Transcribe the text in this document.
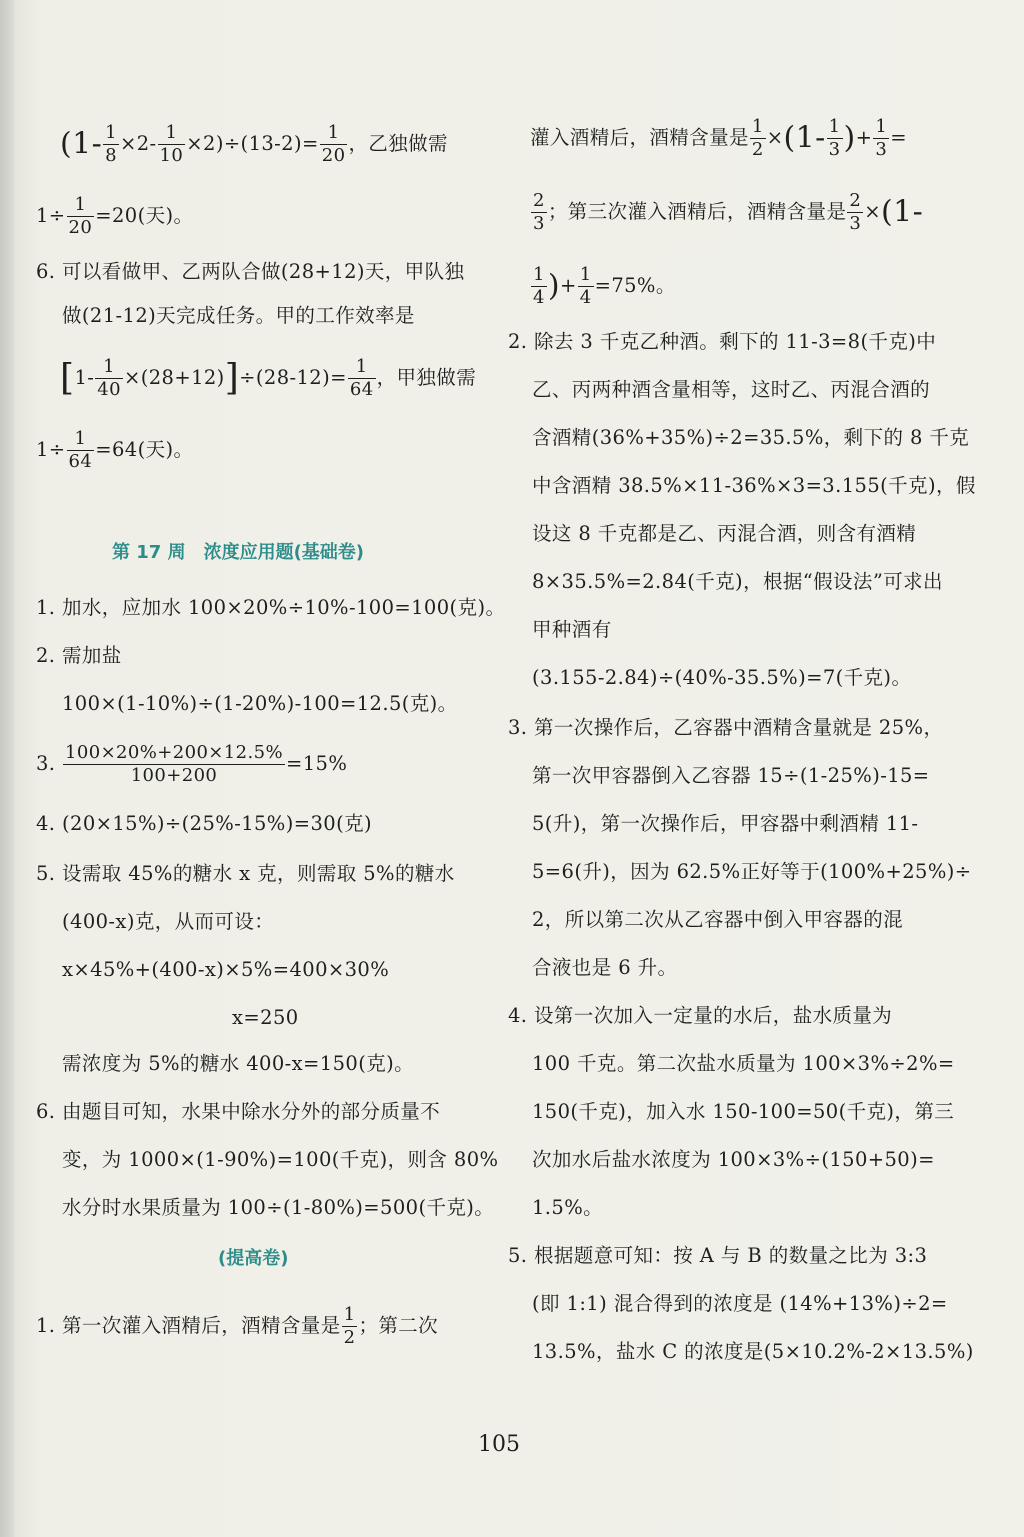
$(1- \frac{1}{8} \times 2- \frac{1}{10} \times 2)\div(13-2)= \frac{1}{20}$ ，乙独做需
$1\div \frac{1}{20} =20$(天)。
6. 可以看做甲、乙两队合做(28+12)天，甲队独
做(21-12)天完成任务。甲的工作效率是
$[1- \frac{1}{40} \times(28+12)]\div(28-12)= \frac{1}{64}$ ，甲独做需
$1\div \frac{1}{64} =64$(天)。
第 17 周　浓度应用题(基础卷)
1. 加水，应加水 100×20%÷10%-100=100(克)。
2. 需加盐
100×(1-10%)÷(1-20%)-100=12.5(克)。
3. $\frac{100\times 20\%+200\times 12.5\%}{100+200} =15\%$
4. (20×15%)÷(25%-15%)=30(克)
5. 设需取 45%的糖水 x 克，则需取 5%的糖水
(400-x)克，从而可设：
x×45%+(400-x)×5%=400×30%
x=250
需浓度为 5%的糖水 400-x=150(克)。
6. 由题目可知，水果中除水分外的部分质量不
变，为 1000×(1-90%)=100(千克)，则含 80%
水分时水果质量为 100÷(1-80%)=500(千克)。
(提高卷)
1. 第一次灌入酒精后，酒精含量是 $\frac{1}{2}$ ；第二次
灌入酒精后，酒精含量是 $\frac{1}{2} \times(1- \frac{1}{3}$ )+ $\frac{1}{3}$ =
$\frac{2}{3}$ ；第三次灌入酒精后，酒精含量是 $\frac{2}{3} \times(1-$
$\frac{1}{4}$ )+ $\frac{1}{4} =75\%$。
2. 除去 3 千克乙种酒。剩下的 11-3=8(千克)中
乙、丙两种酒含量相等，这时乙、丙混合酒的
含酒精(36%+35%)÷2=35.5%，剩下的 8 千克
中含酒精 38.5%×11-36%×3=3.155(千克)，假
设这 8 千克都是乙、丙混合酒，则含有酒精
8×35.5%=2.84(千克)，根据“假设法”可求出
甲种酒有
(3.155-2.84)÷(40%-35.5%)=7(千克)。
3. 第一次操作后，乙容器中酒精含量就是 25%，
第一次甲容器倒入乙容器 15÷(1-25%)-15=
5(升)，第一次操作后，甲容器中剩酒精 11-
5=6(升)，因为 62.5%正好等于(100%+25%)÷
2，所以第二次从乙容器中倒入甲容器的混
合液也是 6 升。
4. 设第一次加入一定量的水后，盐水质量为
100 千克。第二次盐水质量为 100×3%÷2%=
150(千克)，加入水 150-100=50(千克)，第三
次加水后盐水浓度为 100×3%÷(150+50)=
1.5%。
5. 根据题意可知：按 A 与 B 的数量之比为 3:3
(即 1:1) 混合得到的浓度是 (14%+13%)÷2=
13.5%，盐水 C 的浓度是(5×10.2%-2×13.5%)
105
